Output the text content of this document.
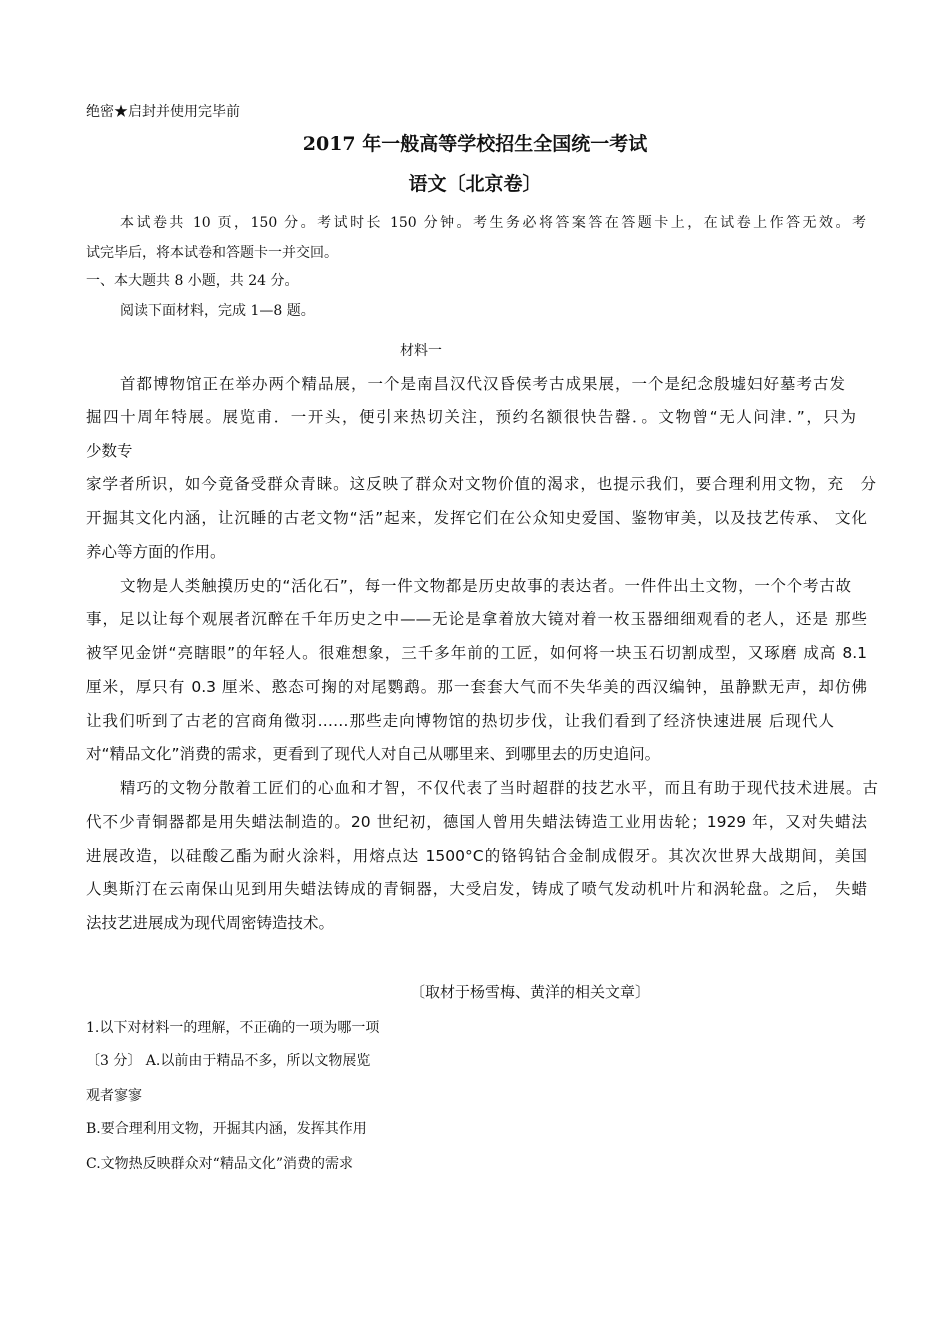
绝密★启封并使用完毕前
2017 年一般高等学校招生全国统一考试
语文〔北京卷〕
本试卷共 10 页，150 分。考试时长 150 分钟。考生务必将答案答在答题卡上，在试卷上作答无效。考
试完毕后，将本试卷和答题卡一并交回。
一、本大题共 8 小题，共 24 分。
阅读下面材料，完成 1—8 题。
材料一
首都博物馆正在举办两个精品展，一个是南昌汉代汉昏侯考古成果展，一个是纪念殷墟妇好墓考古发
掘四十周年特展。展览甫．一开头，便引来热切关注，预约名额很快告罄．。文物曾“无人问津．”，只为
少数专
家学者所识，如今竟备受群众青睐。这反映了群众对文物价值的渴求，也提示我们，要合理利用文物，充　分
开掘其文化内涵，让沉睡的古老文物“活”起来，发挥它们在公众知史爱国、鉴物审美，以及技艺传承、 文化
养心等方面的作用。
文物是人类触摸历史的“活化石”，每一件文物都是历史故事的表达者。一件件出土文物，一个个考古故
事，足以让每个观展者沉醉在千年历史之中——无论是拿着放大镜对着一枚玉器细细观看的老人，还是 那些
被罕见金饼“亮瞎眼”的年轻人。很难想象，三千多年前的工匠，如何将一块玉石切割成型，又琢磨 成高 8.1
厘米，厚只有 0.3 厘米、憨态可掬的对尾鹦鹉。那一套套大气而不失华美的西汉编钟，虽静默无声，却仿佛
让我们听到了古老的宫商角徵羽……那些走向博物馆的热切步伐，让我们看到了经济快速进展 后现代人
对“精品文化”消费的需求，更看到了现代人对自己从哪里来、到哪里去的历史追问。
精巧的文物分散着工匠们的心血和才智，不仅代表了当时超群的技艺水平，而且有助于现代技术进展。古
代不少青铜器都是用失蜡法制造的。20 世纪初，德国人曾用失蜡法铸造工业用齿轮；1929 年，又对失蜡法
进展改造，以硅酸乙酯为耐火涂料，用熔点达 1500°C的铬钨钴合金制成假牙。其次次世界大战期间，美国
人奥斯汀在云南保山见到用失蜡法铸成的青铜器，大受启发，铸成了喷气发动机叶片和涡轮盘。之后， 失蜡
法技艺进展成为现代周密铸造技术。
〔取材于杨雪梅、黄洋的相关文章〕
1.以下对材料一的理解，不正确的一项为哪一项
〔3 分〕 A.以前由于精品不多，所以文物展览
观者寥寥
B.要合理利用文物，开掘其内涵，发挥其作用
C.文物热反映群众对“精品文化”消费的需求
